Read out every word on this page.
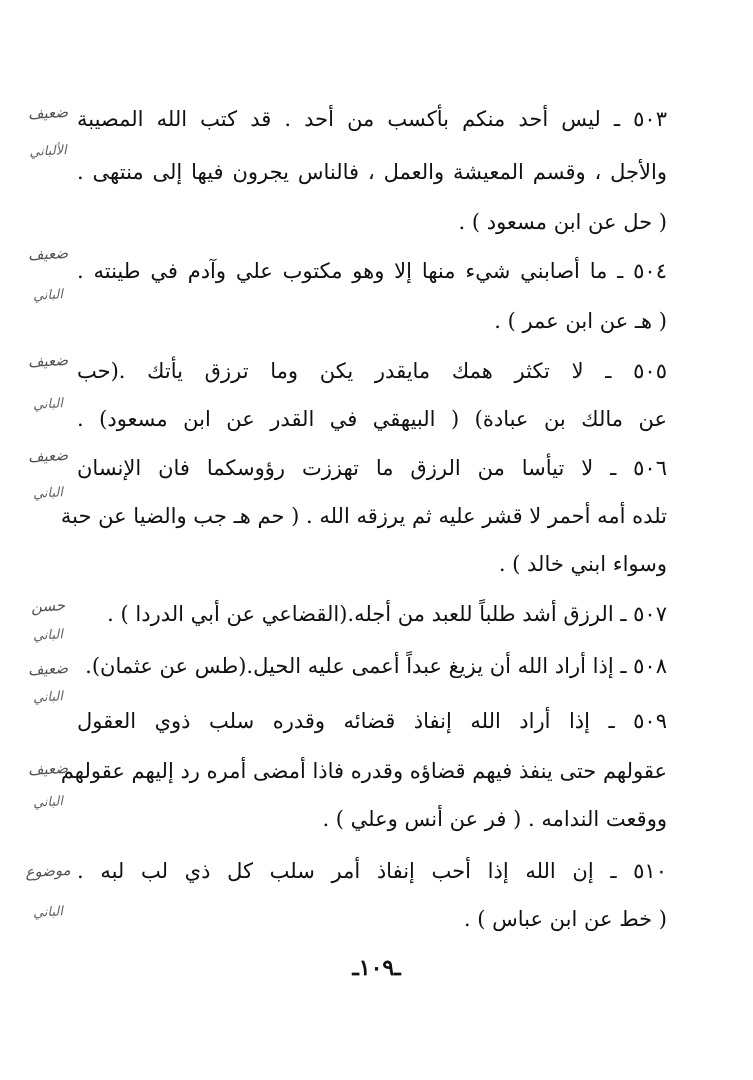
٥٠٣ ـ ليس أحد منكم بأكسب من أحد . قد كتب الله المصيبة
والأجل ، وقسم المعيشة والعمل ، فالناس يجرون فيها إلى منتهى .
( حل عن ابن مسعود ) .
ضعيف
الألباني
٥٠٤ ـ ما أصابني شيء منها إلا وهو مكتوب علي وآدم في طينته .
( هـ عن ابن عمر ) .
ضعيف
الباني
٥٠٥ ـ لا تكثر همك مايقدر يكن وما ترزق يأتك .(حب
عن مالك بن عبادة) ( البيهقي في القدر عن ابن مسعود) .
ضعيف
الباني
٥٠٦ ـ لا تيأسا من الرزق ما تهززت رؤوسكما فان الإنسان
تلده أمه أحمر لا قشر عليه ثم يرزقه الله . ( حم هـ جب والضيا عن حبة
وسواء ابني خالد ) .
ضعيف
الباني
٥٠٧ ـ الرزق أشد طلباً للعبد من أجله.(القضاعي عن أبي الدردا ) .
حسن
الباني
٥٠٨ ـ إذا أراد الله أن يزيغ عبداً أعمى عليه الحيل.(طس عن عثمان).
ضعيف
الباني
٥٠٩ ـ إذا أراد الله إنفاذ قضائه وقدره سلب ذوي العقول
عقولهم حتى ينفذ فيهم قضاؤه وقدره فاذا أمضى أمره رد إليهم عقولهم
ووقعت الندامه . ( فر عن أنس وعلي ) .
ضعيف
الباني
٥١٠ ـ إن الله إذا أحب إنفاذ أمر سلب كل ذي لب لبه .
( خط عن ابن عباس ) .
موضوع
الباني
ـ١٠٩ـ
